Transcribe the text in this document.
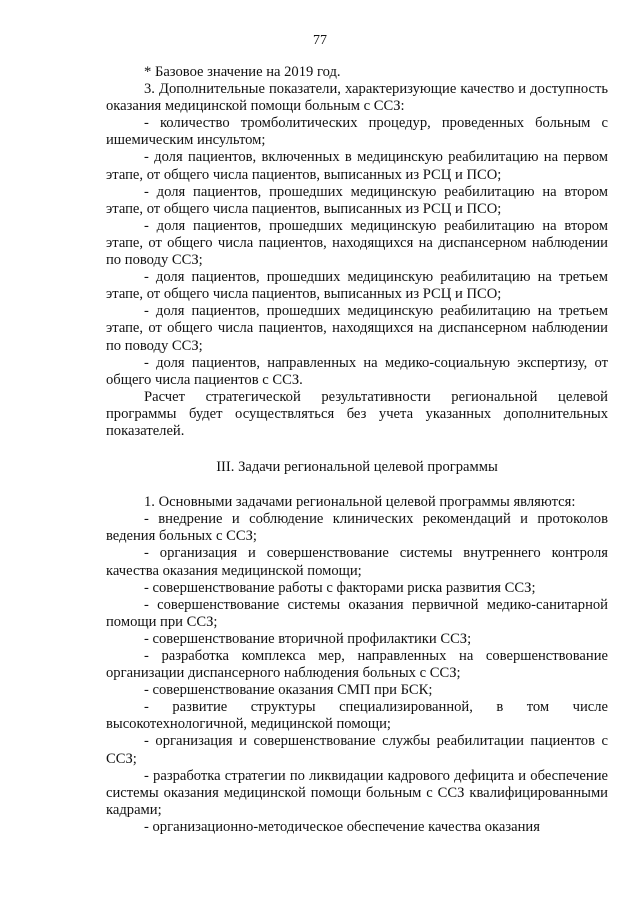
77

* Базовое значение на 2019 год.

3. Дополнительные показатели, характеризующие качество и доступность оказания медицинской помощи больным с ССЗ:

- количество тромболитических процедур, проведенных больным с ишемическим инсультом;

- доля пациентов, включенных в медицинскую реабилитацию на первом этапе, от общего числа пациентов, выписанных из РСЦ и ПСО;

- доля пациентов, прошедших медицинскую реабилитацию на втором этапе, от общего числа пациентов, выписанных из РСЦ и ПСО;

- доля пациентов, прошедших медицинскую реабилитацию на втором этапе, от общего числа пациентов, находящихся на диспансерном наблюдении по поводу ССЗ;

- доля пациентов, прошедших медицинскую реабилитацию на третьем этапе, от общего числа пациентов, выписанных из РСЦ и ПСО;

- доля пациентов, прошедших медицинскую реабилитацию на третьем этапе, от общего числа пациентов, находящихся на диспансерном наблюдении по поводу ССЗ;

- доля пациентов, направленных на медико-социальную экспертизу, от общего числа пациентов с ССЗ.

Расчет стратегической результативности региональной целевой программы будет осуществляться без учета указанных дополнительных показателей.

III. Задачи региональной целевой программы

1. Основными задачами региональной целевой программы являются:

- внедрение и соблюдение клинических рекомендаций и протоколов ведения больных с ССЗ;

- организация и совершенствование системы внутреннего контроля качества оказания медицинской помощи;

- совершенствование работы с факторами риска развития ССЗ;

- совершенствование системы оказания первичной медико-санитарной помощи при ССЗ;

- совершенствование вторичной профилактики ССЗ;

- разработка комплекса мер, направленных на совершенствование организации диспансерного наблюдения больных с ССЗ;

- совершенствование оказания СМП при БСК;

- развитие структуры специализированной, в том числе высокотехнологичной, медицинской помощи;

- организация и совершенствование службы реабилитации пациентов с ССЗ;

- разработка стратегии по ликвидации кадрового дефицита и обеспечение системы оказания медицинской помощи больным с ССЗ квалифицированными кадрами;

- организационно-методическое обеспечение качества оказания
